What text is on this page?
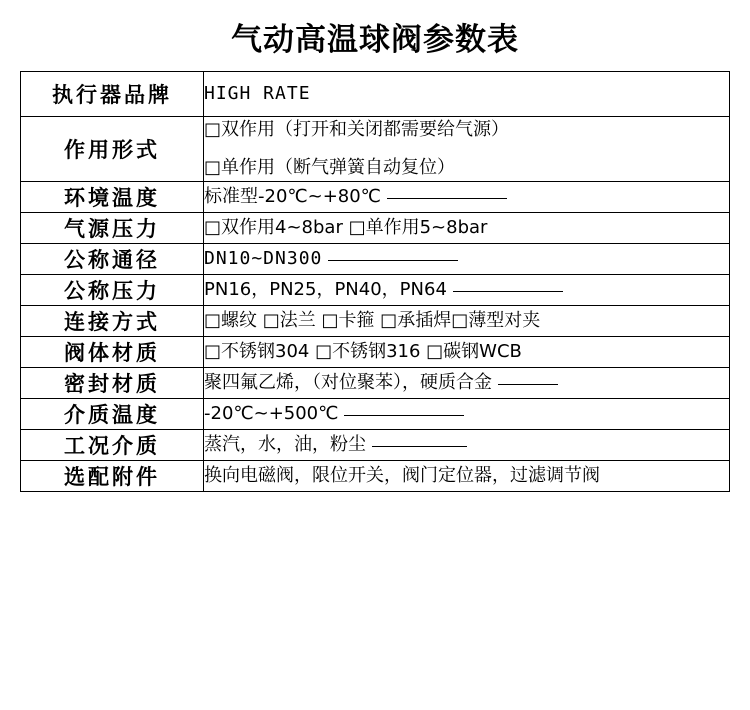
气动高温球阀参数表
执行器品牌	HIGH RATE

作用形式	□双作用（打开和关闭都需要给气源）
□单作用（断气弹簧自动复位）

环境温度	标准型-20℃~+80℃

气源压力	□双作用4~8bar □单作用5~8bar

公称通径	DN10~DN300

公称压力	PN16，PN25，PN40，PN64

连接方式	□螺纹 □法兰 □卡箍 □承插焊□薄型对夹

阀体材质	□不锈钢304 □不锈钢316 □碳钢WCB

密封材质	聚四氟乙烯，（对位聚苯），硬质合金

介质温度	-20℃~+500℃

工况介质	蒸汽，水，油，粉尘

选配附件	换向电磁阀，限位开关，阀门定位器，过滤调节阀
